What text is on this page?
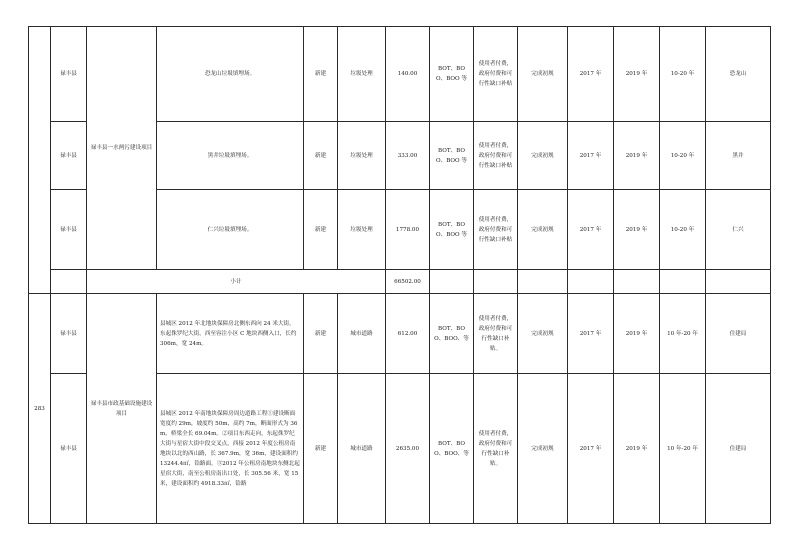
	禄丰县	禄丰县一水两污建设项目	恐龙山垃圾填埋场。	新建	垃圾处理	140.00	BOT、BOO、BOO 等	使用者付费，政府付费和可行性缺口补贴	完成初规	2017 年	2019 年	10-20 年	恐龙山
	禄丰县		黑井垃圾填埋场。	新建	垃圾处理	333.00	BOT、BOO、BOO 等	使用者付费，政府付费和可行性缺口补贴	完成初规	2017 年	2019 年	10-20 年	黑井
	禄丰县		仁兴垃圾填埋场。	新建	垃圾处理	1778.00	BOT、BOO、BOO 等	使用者付费，政府付费和可行性缺口补贴	完成初规	2017 年	2019 年	10-20 年	仁兴
		小计				66502.00							
283	禄丰县	禄丰县市政基础设施建设项目	县城区 2012 年北地块保障房北侧东西向 24 米大街，东起侏罗纪大街，西至容注小区 C 地块西侧入口，长约 306m，宽 24m。	新建	城市道路	612.00	BOT、BOO、BOO、等	使用者付费，政府付费和可行性缺口补贴。	完成初规	2017 年	2019 年	10 年-20 年	住建局
	禄丰县		县城区 2012 年南地块保障房周边道路工程①建设断面宽度约 29m，坡度约 50m，高约 7m，断面形式为 36m，桥梁全长 69.04m。②项目东西走向，东起侏罗纪大街与星宿大街中段交叉点，西接 2012 年度公租房南地块以北的西山路，长 367.9m，宽 36m，建设面积约 13244.4㎡，铪路面。③2012 年公租房南地块东侧北起星宿大街，南至公租房南出口处，长 305.56 米，宽 15 米，建设面积约 4918.33㎡，铪路	新建	城市道路	2635.00	BOT、BOO、BOO、等	使用者付费，政府付费和可行性缺口补贴。	完成初规	2017 年	2019 年	10 年-20 年	住建局
